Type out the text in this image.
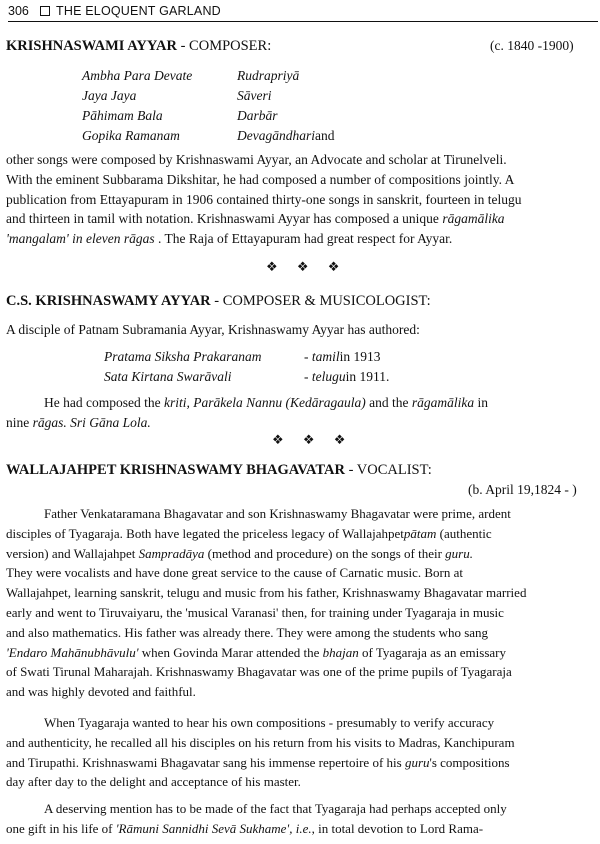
306 THE ELOQUENT GARLAND
KRISHNASWAMI AYYAR - COMPOSER:	(c. 1840 -1900)
Ambha Para Devate	Rudrapriyā
Jaya Jaya	Sāveri
Pāhimam Bala	Darbār
Gopika Ramanam	Devagāndhari and
other songs were composed by Krishnaswami Ayyar, an Advocate and scholar at Tirunelveli.
With the eminent Subbarama Dikshitar, he had composed a number of compositions jointly. A
publication from Ettayapuram in 1906 contained thirty-one songs in sanskrit, fourteen in telugu
and thirteen in tamil with notation. Krishnaswami Ayyar has composed a unique rāgamālika
'mangalam' in eleven rāgas . The Raja of Ettayapuram had great respect for Ayyar.
❖ ❖ ❖
C.S. KRISHNASWAMY AYYAR - COMPOSER & MUSICOLOGIST:
A disciple of Patnam Subramania Ayyar, Krishnaswamy Ayyar has authored:
Pratama Siksha Prakaranam	- tamil in 1913
Sata Kirtana Swarāvali	- telugu in 1911.
He had composed the kriti, Parākela Nannu (Kedāragaula) and the rāgamālika in
nine rāgas. Sri Gāna Lola.
❖ ❖ ❖
WALLAJAHPET KRISHNASWAMY BHAGAVATAR - VOCALIST:
(b. April 19,1824 - )
Father Venkataramana Bhagavatar and son Krishnaswamy Bhagavatar were prime, ardent
disciples of Tyagaraja. Both have legated the priceless legacy of Wallajahpetpātam (authentic
version) and Wallajahpet Sampradāya (method and procedure) on the songs of their guru.
They were vocalists and have done great service to the cause of Carnatic music. Born at
Wallajahpet, learning sanskrit, telugu and music from his father, Krishnaswamy Bhagavatar married
early and went to Tiruvaiyaru, the 'musical Varanasi' then, for training under Tyagaraja in music
and also mathematics. His father was already there. They were among the students who sang
'Endaro Mahānubhāvulu' when Govinda Marar attended the bhajan of Tyagaraja as an emissary
of Swati Tirunal Maharajah. Krishnaswamy Bhagavatar was one of the prime pupils of Tyagaraja
and was highly devoted and faithful.
When Tyagaraja wanted to hear his own compositions - presumably to verify accuracy
and authenticity, he recalled all his disciples on his return from his visits to Madras, Kanchipuram
and Tirupathi. Krishnaswami Bhagavatar sang his immense repertoire of his guru's compositions
day after day to the delight and acceptance of his master.
A deserving mention has to be made of the fact that Tyagaraja had perhaps accepted only
one gift in his life of 'Rāmuni Sannidhi Sevā Sukhame', i.e., in total devotion to Lord Rama-
